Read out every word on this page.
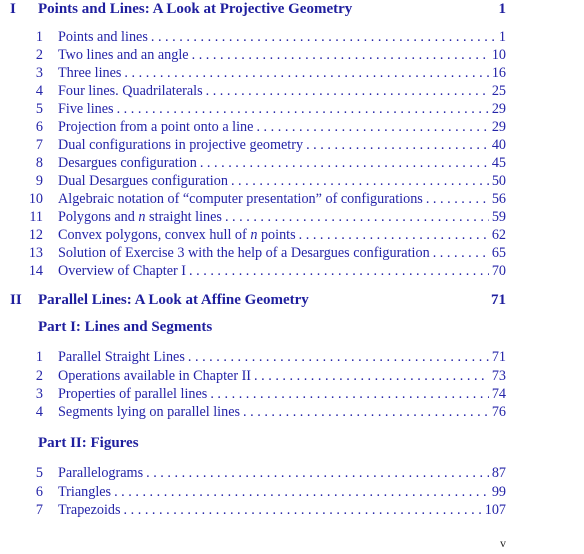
I Points and Lines: A Look at Projective Geometry	1
1 Points and lines . . .	1
2 Two lines and an angle . . .	10
3 Three lines . . .	16
4 Four lines. Quadrilaterals . . .	25
5 Five lines . . .	29
6 Projection from a point onto a line . . .	29
7 Dual configurations in projective geometry . . .	40
8 Desargues configuration . . .	45
9 Dual Desargues configuration . . .	50
10 Algebraic notation of “computer presentation” of configurations . . .	56
11 Polygons and n straight lines . . .	59
12 Convex polygons, convex hull of n points . . .	62
13 Solution of Exercise 3 with the help of a Desargues configuration . . .	65
14 Overview of Chapter I . . .	70
II Parallel Lines: A Look at Affine Geometry	71
Part I: Lines and Segments
1 Parallel Straight Lines . . .	71
2 Operations available in Chapter II . . .	73
3 Properties of parallel lines . . .	74
4 Segments lying on parallel lines . . .	76
Part II: Figures
5 Parallelograms . . .	87
6 Triangles . . .	99
7 Trapezoids . . .	107
v
